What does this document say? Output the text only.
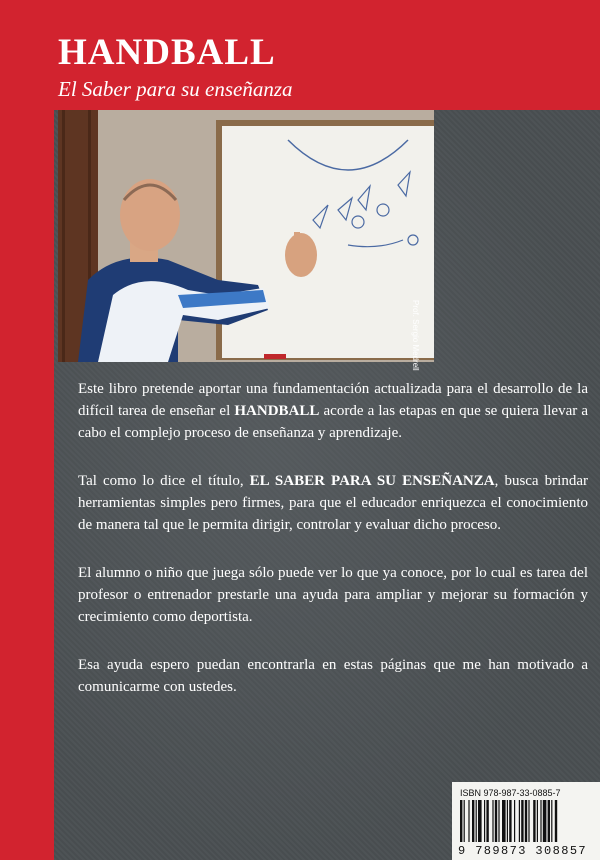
HANDBALL
El Saber para su enseñanza
Prof. Sergio Medrell

Este libro pretende aportar una fundamentación actualizada para el desarrollo de la difícil tarea de enseñar el HANDBALL acorde a las etapas en que se quiera llevar a cabo el complejo proceso de enseñanza y aprendizaje.

Tal como lo dice el título, EL SABER PARA SU ENSEÑANZA, busca brindar herramientas simples pero firmes, para que el educador enriquezca el conocimiento de manera tal que le permita dirigir, controlar y evaluar dicho proceso.

El alumno o niño que juega sólo puede ver lo que ya conoce, por lo cual es tarea del profesor o entrenador prestarle una ayuda para ampliar y mejorar su formación y crecimiento como deportista.

Esa ayuda espero puedan encontrarla en estas páginas que me han motivado a comunicarme con ustedes.

ISBN 978-987-33-0885-7
9 789873 308857
